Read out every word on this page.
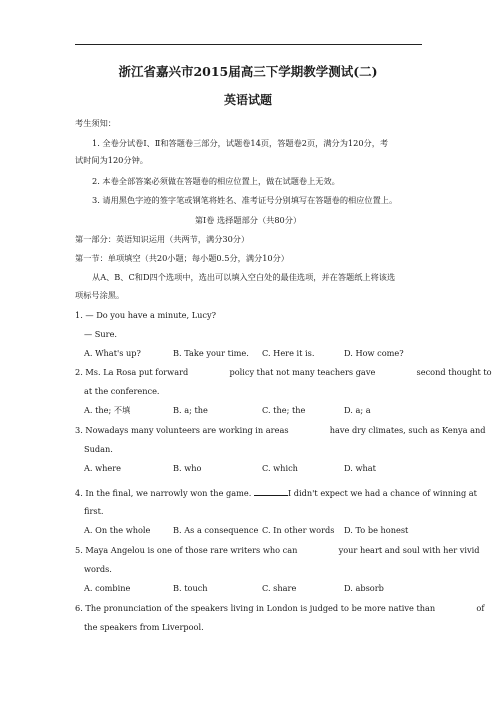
浙江省嘉兴市2015届高三下学期教学测试(二)
英语试题
考生须知：
1. 全卷分试卷Ⅰ、Ⅱ和答题卷三部分，试题卷14页，答题卷2页，满分为120分，考
试时间为120分钟。
2. 本卷全部答案必须做在答题卷的相应位置上，做在试题卷上无效。
3. 请用黑色字迹的签字笔或钢笔将姓名、准考证号分别填写在答题卷的相应位置上。
第Ⅰ卷 选择题部分（共80分）
第一部分：英语知识运用（共两节，满分30分）
第一节：单项填空（共20小题；每小题0.5分，满分10分）
从A、B、C和D四个选项中，选出可以填入空白处的最佳选项，并在答题纸上将该选
项标号涂黑。
1. — Do you have a minute, Lucy?
— Sure.
A. What's up?	B. Take your time. C. Here it is.	D. How come?
2. Ms. La Rosa put forward	policy that not many teachers gave	second thought to
at the conference.
A. the; 不填	B. a; the	C. the; the	D. a; a
3. Nowadays many volunteers are working in areas	have dry climates, such as Kenya and
Sudan.
A. where	B. who	C. which	D. what
4. In the final, we narrowly won the game.	I didn't expect we had a chance of winning at
first.
A. On the whole	B. As a consequence C. In other words D. To be honest
5. Maya Angelou is one of those rare writers who can	your heart and soul with her vivid
words.
A. combine	B. touch	C. share	D. absorb
6. The pronunciation of the speakers living in London is judged to be more native than	of
the speakers from Liverpool.
